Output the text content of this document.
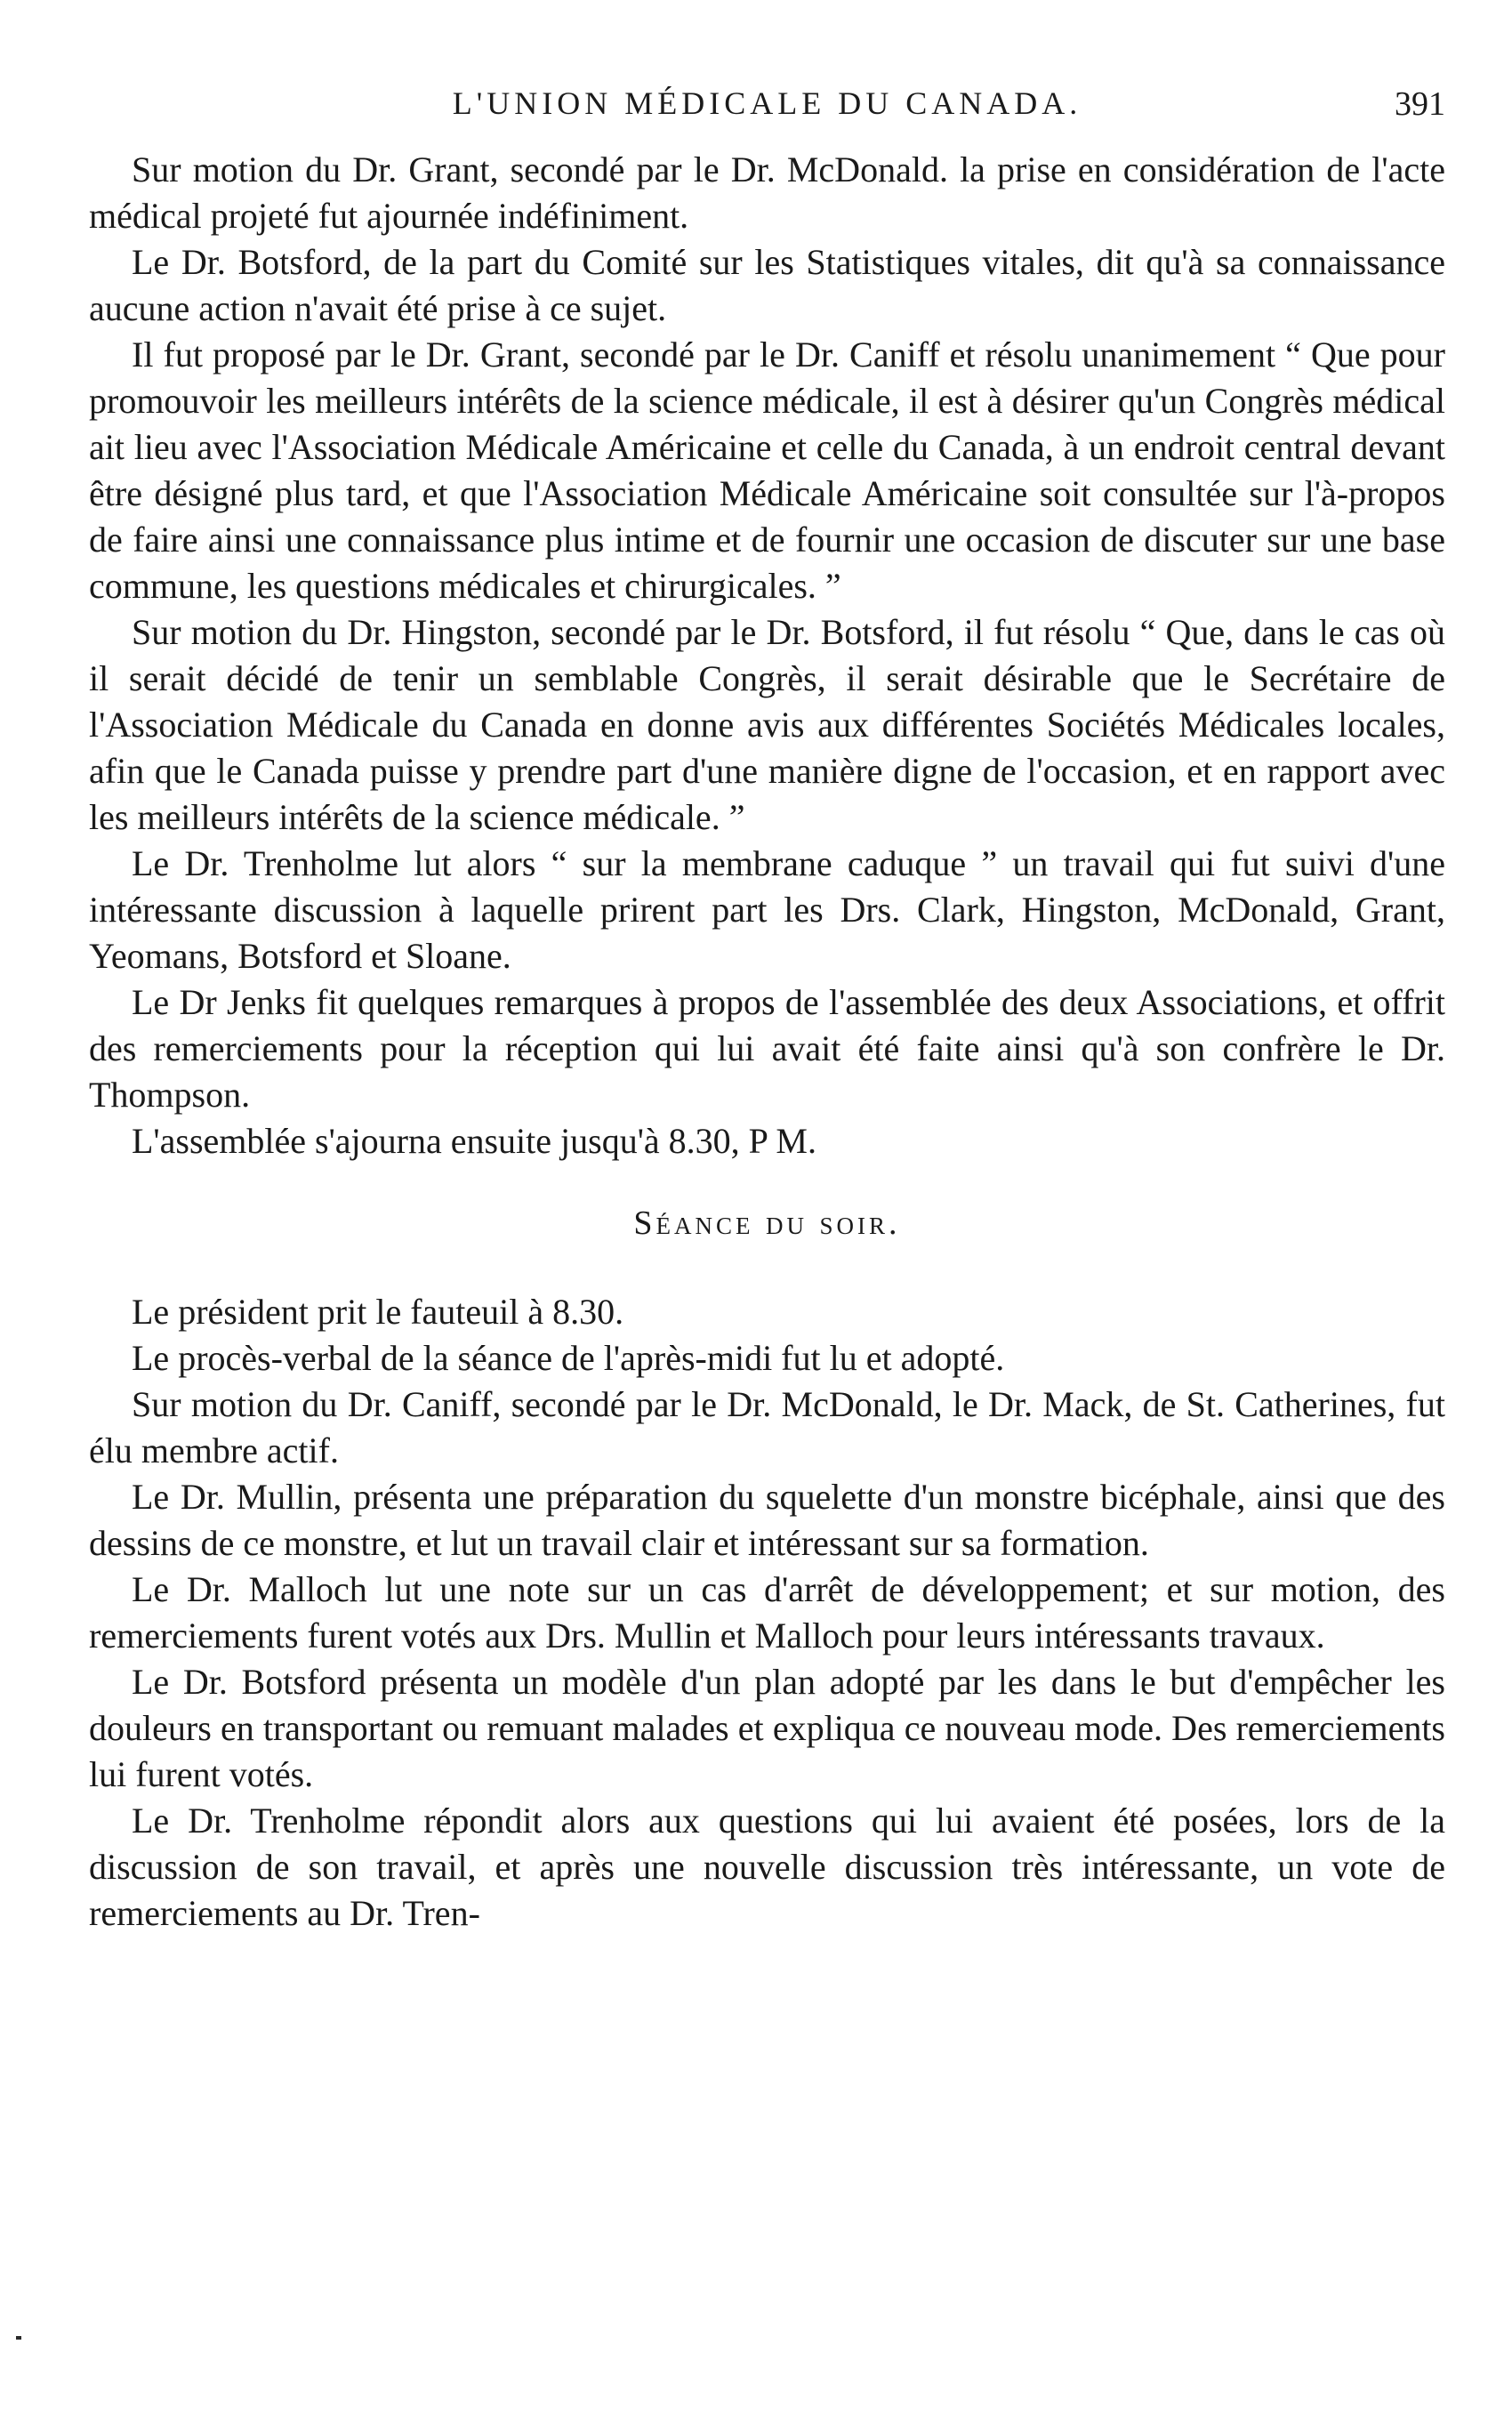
L'UNION MÉDICALE DU CANADA.	391

Sur motion du Dr. Grant, secondé par le Dr. McDonald. la prise en considération de l'acte médical projeté fut ajournée indéfiniment.

Le Dr. Botsford, de la part du Comité sur les Statistiques vitales, dit qu'à sa connaissance aucune action n'avait été prise à ce sujet.

Il fut proposé par le Dr. Grant, secondé par le Dr. Caniff et résolu unanimement “ Que pour promouvoir les meilleurs intérêts de la science médicale, il est à désirer qu'un Congrès médical ait lieu avec l'Association Médicale Américaine et celle du Canada, à un endroit central devant être désigné plus tard, et que l'Association Médicale Américaine soit consultée sur l'à-propos de faire ainsi une connaissance plus intime et de fournir une occasion de discuter sur une base commune, les questions médicales et chirurgicales. ”

Sur motion du Dr. Hingston, secondé par le Dr. Botsford, il fut résolu “ Que, dans le cas où il serait décidé de tenir un semblable Congrès, il serait désirable que le Secrétaire de l'Association Médicale du Canada en donne avis aux différentes Sociétés Médicales locales, afin que le Canada puisse y prendre part d'une manière digne de l'occasion, et en rapport avec les meilleurs intérêts de la science médicale. ”

Le Dr. Trenholme lut alors “ sur la membrane caduque ” un travail qui fut suivi d'une intéressante discussion à laquelle prirent part les Drs. Clark, Hingston, McDonald, Grant, Yeomans, Botsford et Sloane.

Le Dr Jenks fit quelques remarques à propos de l'assemblée des deux Associations, et offrit des remerciements pour la réception qui lui avait été faite ainsi qu'à son confrère le Dr. Thompson.

L'assemblée s'ajourna ensuite jusqu'à 8.30, P M.

Séance du soir.

Le président prit le fauteuil à 8.30.

Le procès-verbal de la séance de l'après-midi fut lu et adopté.

Sur motion du Dr. Caniff, secondé par le Dr. McDonald, le Dr. Mack, de St. Catherines, fut élu membre actif.

Le Dr. Mullin, présenta une préparation du squelette d'un monstre bicéphale, ainsi que des dessins de ce monstre, et lut un travail clair et intéressant sur sa formation.

Le Dr. Malloch lut une note sur un cas d'arrêt de développement; et sur motion, des remerciements furent votés aux Drs. Mullin et Malloch pour leurs intéressants travaux.

Le Dr. Botsford présenta un modèle d'un plan adopté par les dans le but d'empêcher les douleurs en transportant ou remuant malades et expliqua ce nouveau mode. Des remerciements lui furent votés.

Le Dr. Trenholme répondit alors aux questions qui lui avaient été posées, lors de la discussion de son travail, et après une nouvelle discussion très intéressante, un vote de remerciements au Dr. Tren-
